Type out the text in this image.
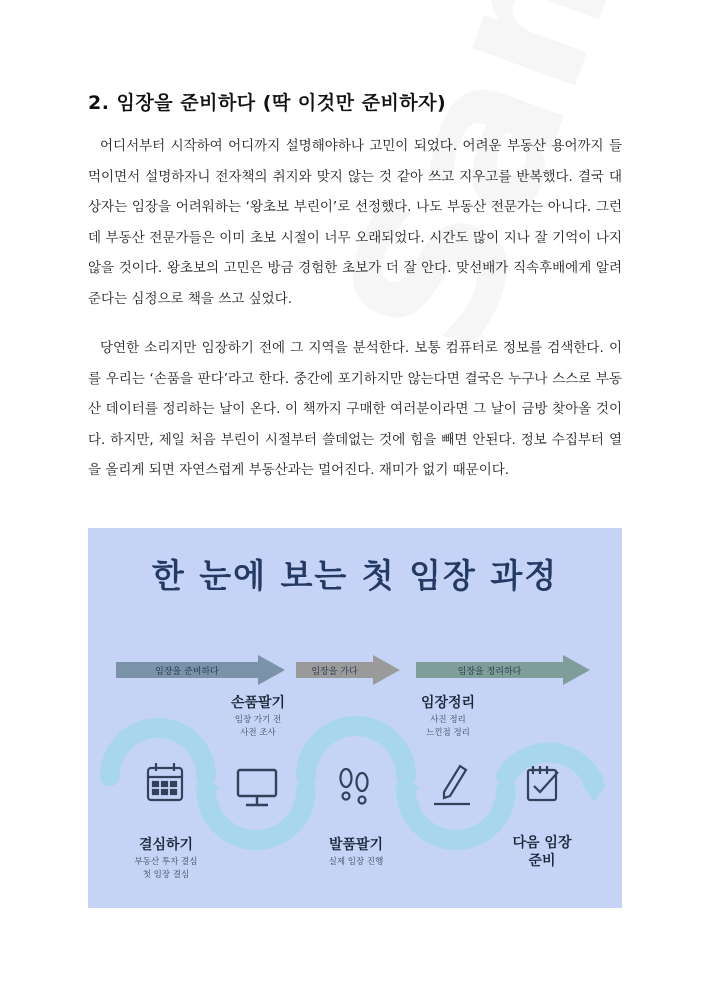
2. 임장을 준비하다 (딱 이것만 준비하자)
어디서부터 시작하여 어디까지 설명해야하나 고민이 되었다. 어려운 부동산 용어까지 들먹이면서 설명하자니 전자책의 취지와 맞지 않는 것 같아 쓰고 지우고를 반복했다. 결국 대상자는 임장을 어려워하는 ‘왕초보 부린이’로 선정했다. 나도 부동산 전문가는 아니다. 그런데 부동산 전문가들은 이미 초보 시절이 너무 오래되었다. 시간도 많이 지나 잘 기억이 나지 않을 것이다. 왕초보의 고민은 방금 경험한 초보가 더 잘 안다. 맞선배가 직속후배에게 알려준다는 심정으로 책을 쓰고 싶었다.
당연한 소리지만 임장하기 전에 그 지역을 분석한다. 보통 컴퓨터로 정보를 검색한다. 이를 우리는 ‘손품을 판다’라고 한다. 중간에 포기하지만 않는다면 결국은 누구나 스스로 부동산 데이터를 정리하는 날이 온다. 이 책까지 구매한 여러분이라면 그 날이 금방 찾아올 것이다. 하지만, 제일 처음 부린이 시절부터 쓸데없는 것에 힘을 빼면 안된다. 정보 수집부터 열을 올리게 되면 자연스럽게 부동산과는 멀어진다. 재미가 없기 때문이다.
한 눈에 보는 첫 임장 과정
임장을 준비하다	임장을 가다	임장을 정리하다
손품팔기
임장 가기 전
사전 조사
임장정리
사진 정리
느낀점 정리
결심하기
부동산 투자 결심
첫 임장 결심
발품팔기
실제 임장 진행
다음 임장
준비
